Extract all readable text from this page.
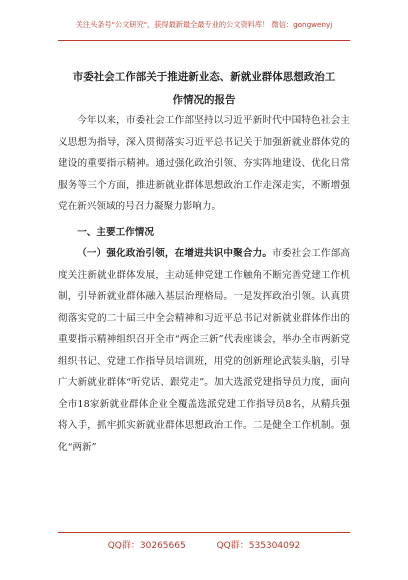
关注头条号"公文研究"，获得最新最全最专业的公文资料库！ 微信：gongwenyj
市委社会工作部关于推进新业态、新就业群体思想政治工
作情况的报告

今年以来，市委社会工作部坚持以习近平新时代中国特色社会主义思想为指导，深入贯彻落实习近平总书记关于加强新就业群体党的建设的重要指示精神。通过强化政治引领、夯实阵地建设、优化日常服务等三个方面，推进新就业群体思想政治工作走深走实，不断增强党在新兴领域的号召力凝聚力影响力。

一、主要工作情况

（一）强化政治引领，在增进共识中聚合力。市委社会工作部高度关注新就业群体发展，主动延伸党建工作触角不断完善党建工作机制，引导新就业群体融入基层治理格局。一是发挥政治引领。认真贯彻落实党的二十届三中全会精神和习近平总书记对新就业群体作出的重要指示精神组织召开全市“两企三新”代表座谈会，举办全市两新党组织书记、党建工作指导员培训班，用党的创新理论武装头脑，引导广大新就业群体“听党话、跟党走”。加大选派党建指导员力度，面向全市18家新就业群体企业全覆盖选派党建工作指导员8名，从精兵强将入手，抓牢抓实新就业群体思想政治工作。二是健全工作机制。强化“两新”

QQ群：30265665	QQ群：535304092
